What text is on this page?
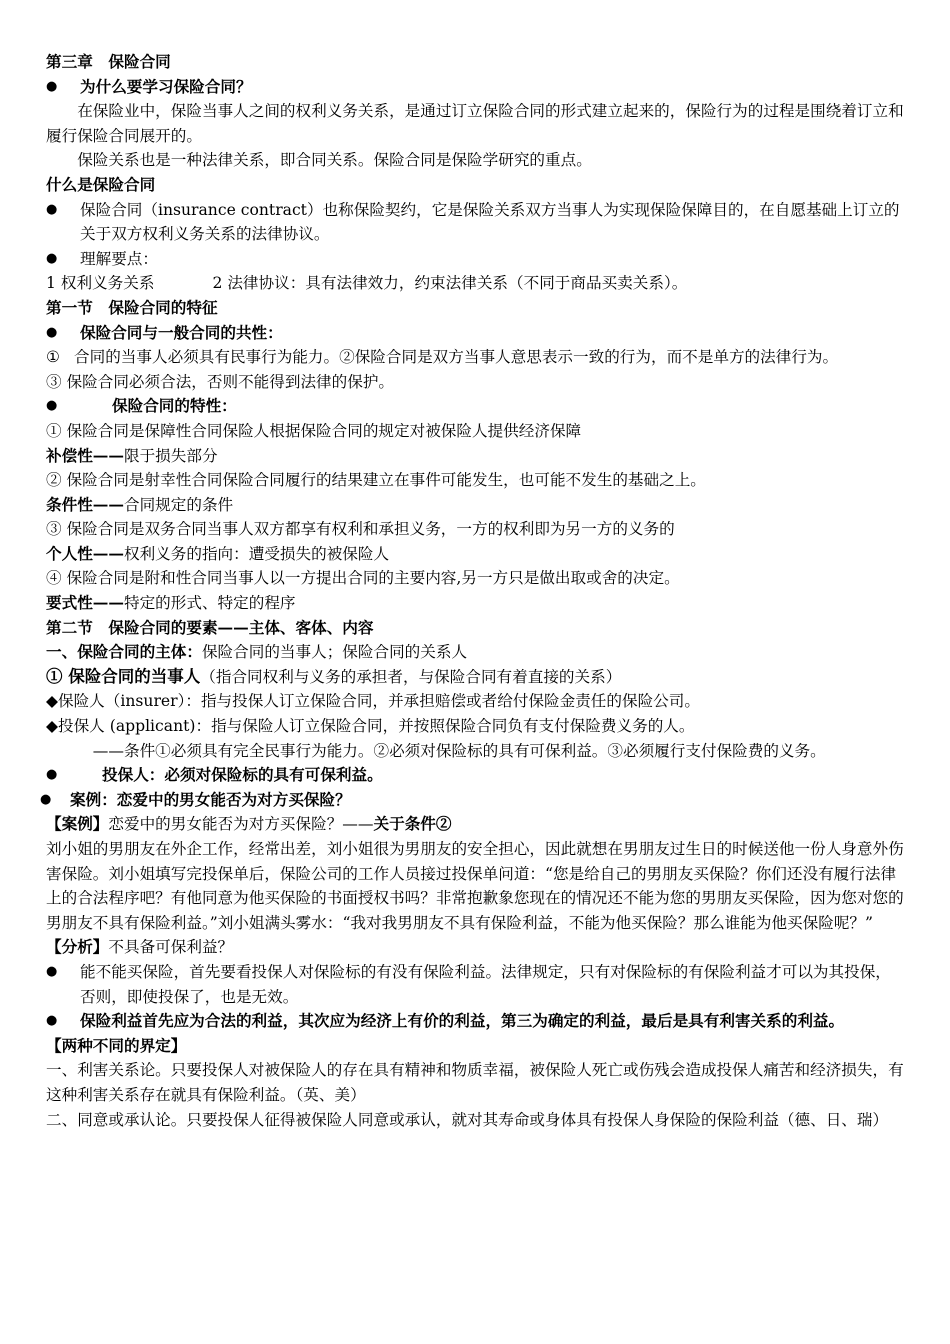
第三章　保险合同

●	为什么要学习保险合同？

在保险业中，保险当事人之间的权利义务关系，是通过订立保险合同的形式建立起来的，保险行为的过程是围绕着订立和履行保险合同展开的。

保险关系也是一种法律关系，即合同关系。保险合同是保险学研究的重点。

什么是保险合同

●	保险合同（insurance contract）也称保险契约，它是保险关系双方当事人为实现保险保障目的，在自愿基础上订立的关于双方权利义务关系的法律协议。
●	理解要点：

1 权利义务关系	2 法律协议：具有法律效力，约束法律关系（不同于商品买卖关系）。

第一节　保险合同的特征

●	保险合同与一般合同的共性：
① 合同的当事人必须具有民事行为能力。②保险合同是双方当事人意思表示一致的行为，而不是单方的法律行为。

③ 保险合同必须合法，否则不能得到法律的保护。

●	保险合同的特性：

① 保险合同是保障性合同保险人根据保险合同的规定对被保险人提供经济保障

补偿性——限于损失部分

② 保险合同是射幸性合同保险合同履行的结果建立在事件可能发生，也可能不发生的基础之上。

条件性——合同规定的条件

③ 保险合同是双务合同当事人双方都享有权利和承担义务，一方的权利即为另一方的义务的

个人性——权利义务的指向：遭受损失的被保险人

④ 保险合同是附和性合同当事人以一方提出合同的主要内容,另一方只是做出取或舍的决定。

要式性——特定的形式、特定的程序

第二节　保险合同的要素——主体、客体、内容

一、保险合同的主体：保险合同的当事人；保险合同的关系人

① 保险合同的当事人（指合同权利与义务的承担者，与保险合同有着直接的关系）

◆保险人（insurer）：指与投保人订立保险合同，并承担赔偿或者给付保险金责任的保险公司。

◆投保人 (applicant)：指与保险人订立保险合同，并按照保险合同负有支付保险费义务的人。

——条件①必须具有完全民事行为能力。②必须对保险标的具有可保利益。③必须履行支付保险费的义务。

●	投保人：必须对保险标的具有可保利益。
●	案例：恋爱中的男女能否为对方买保险？

【案例】恋爱中的男女能否为对方买保险？——关于条件②

刘小姐的男朋友在外企工作，经常出差，刘小姐很为男朋友的安全担心，因此就想在男朋友过生日的时候送他一份人身意外伤害保险。刘小姐填写完投保单后，保险公司的工作人员接过投保单问道：“您是给自己的男朋友买保险？你们还没有履行法律上的合法程序吧？有他同意为他买保险的书面授权书吗？非常抱歉象您现在的情况还不能为您的男朋友买保险，因为您对您的男朋友不具有保险利益。”刘小姐满头雾水：“我对我男朋友不具有保险利益，不能为他买保险？那么谁能为他买保险呢？”

【分析】不具备可保利益？

●	能不能买保险，首先要看投保人对保险标的有没有保险利益。法律规定，只有对保险标的有保险利益才可以为其投保，否则，即使投保了，也是无效。
●	保险利益首先应为合法的利益，其次应为经济上有价的利益，第三为确定的利益，最后是具有利害关系的利益。

【两种不同的界定】

一、利害关系论。只要投保人对被保险人的存在具有精神和物质幸福，被保险人死亡或伤残会造成投保人痛苦和经济损失，有这种利害关系存在就具有保险利益。（英、美）

二、同意或承认论。只要投保人征得被保险人同意或承认，就对其寿命或身体具有投保人身保险的保险利益（德、日、瑞）
